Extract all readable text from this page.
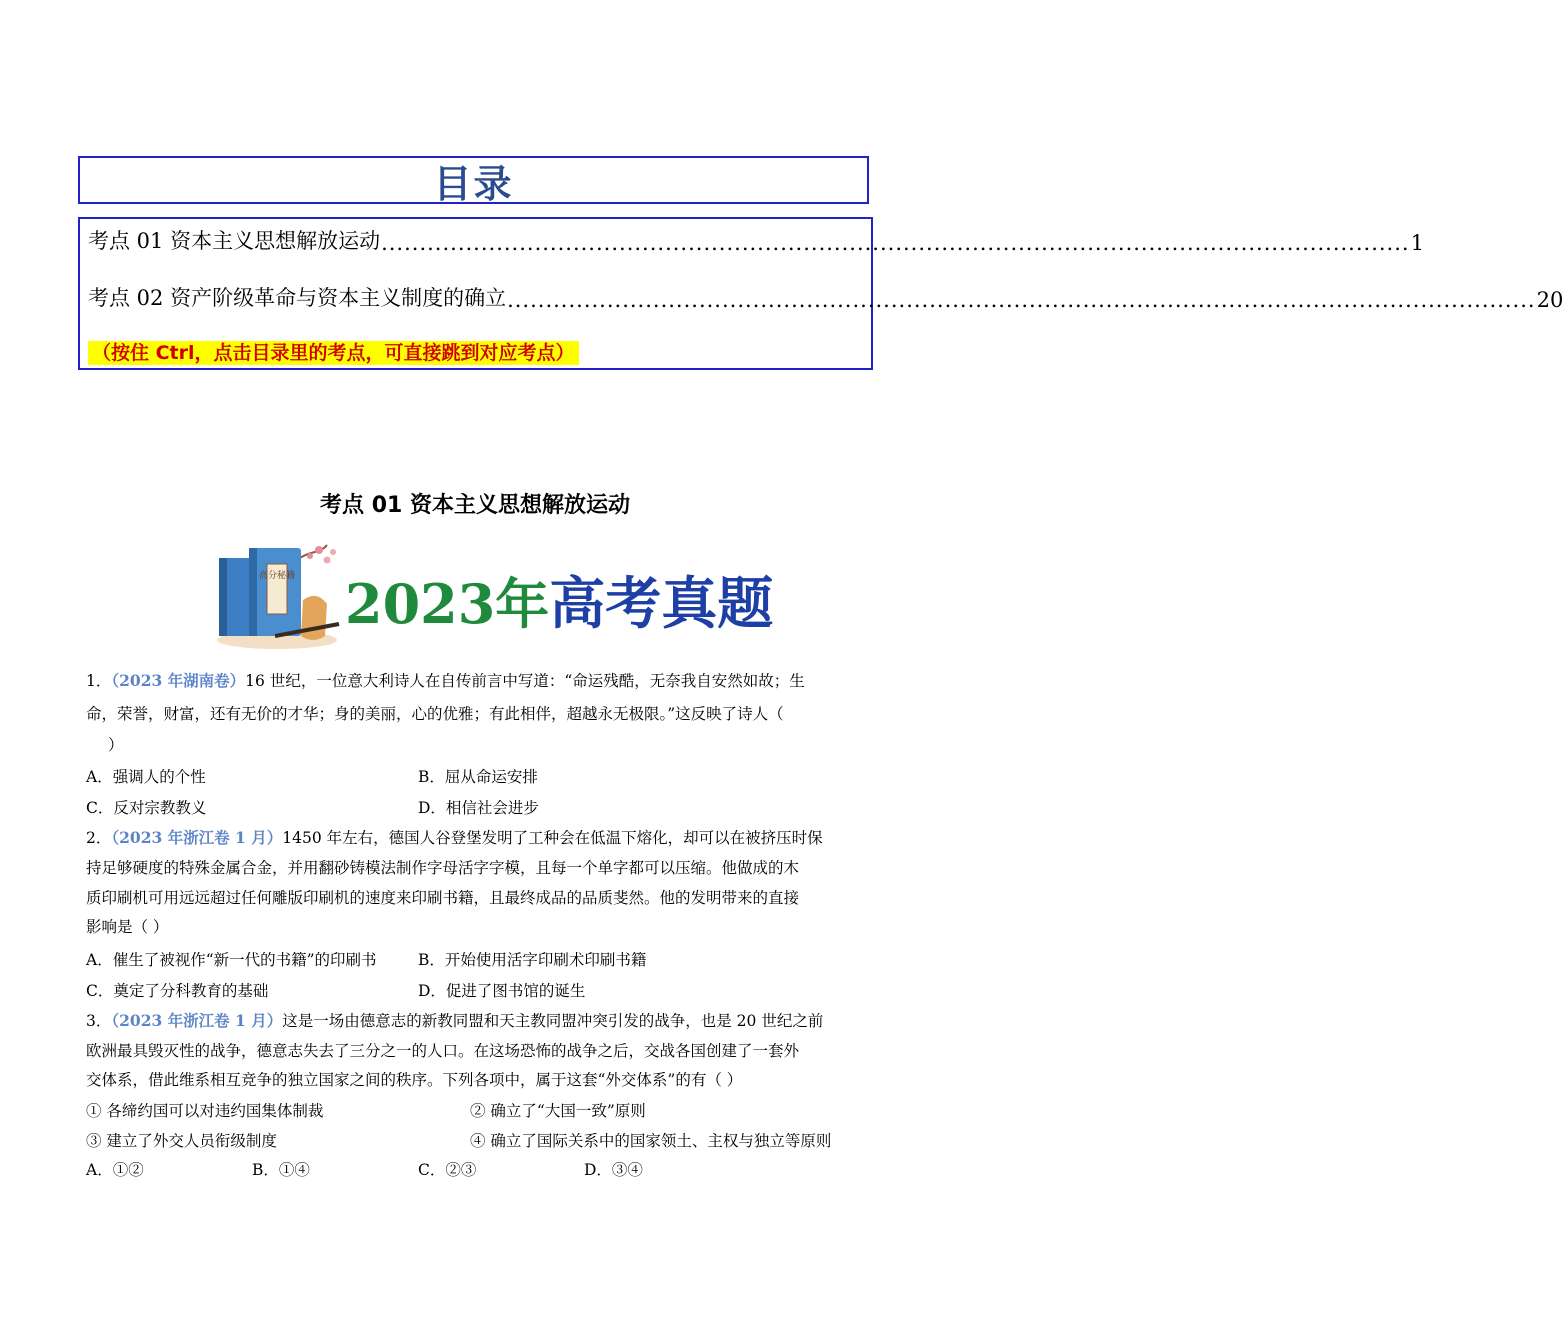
目录
考点 01 资本主义思想解放运动 ...................................................................................................................................... 1
考点 02 资产阶级革命与资本主义制度的确立 ...................................................................................................................................... 20
（按住 Ctrl，点击目录里的考点，可直接跳到对应考点）
考点 01 资本主义思想解放运动
高分秘籍 2023年高考真题
1．（2023 年湖南卷）16 世纪，一位意大利诗人在自传前言中写道：“命运残酷，无奈我自安然如故；生
命，荣誉，财富，还有无价的才华；身的美丽，心的优雅；有此相伴，超越永无极限。”这反映了诗人（
）
A．强调人的个性	B．屈从命运安排
C．反对宗教教义	D．相信社会进步
2．（2023 年浙江卷 1 月）1450 年左右，德国人谷登堡发明了工种会在低温下熔化，却可以在被挤压时保
持足够硬度的特殊金属合金，并用翻砂铸模法制作字母活字字模，且每一个单字都可以压缩。他做成的木
质印刷机可用远远超过任何雕版印刷机的速度来印刷书籍，且最终成品的品质斐然。他的发明带来的直接
影响是（ ）
A．催生了被视作“新一代的书籍”的印刷书	B．开始使用活字印刷术印刷书籍
C．奠定了分科教育的基础	D．促进了图书馆的诞生
3．（2023 年浙江卷 1 月）这是一场由德意志的新教同盟和天主教同盟冲突引发的战争，也是 20 世纪之前
欧洲最具毁灭性的战争，德意志失去了三分之一的人口。在这场恐怖的战争之后，交战各国创建了一套外
交体系，借此维系相互竞争的独立国家之间的秩序。下列各项中，属于这套“外交体系”的有（ ）
① 各缔约国可以对违约国集体制裁	② 确立了“大国一致”原则
③ 建立了外交人员衔级制度	④ 确立了国际关系中的国家领土、主权与独立等原则
A．①②	B．①④	C．②③	D．③④
